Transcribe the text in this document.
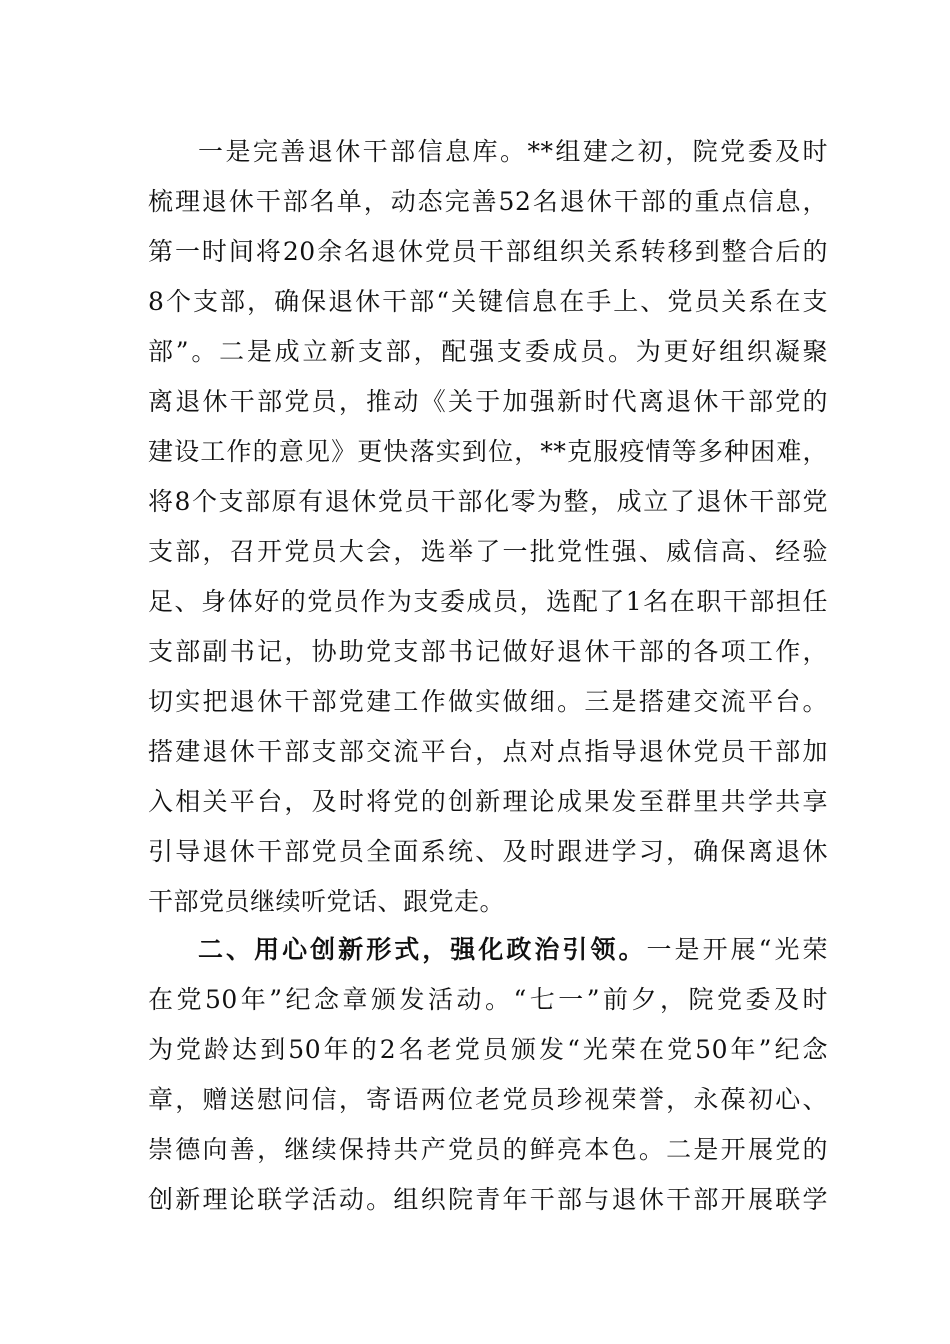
一是完善退休干部信息库。**组建之初，院党委及时
梳理退休干部名单，动态完善52名退休干部的重点信息，
第一时间将20余名退休党员干部组织关系转移到整合后的
8个支部，确保退休干部“关键信息在手上、党员关系在支
部”。二是成立新支部，配强支委成员。为更好组织凝聚
离退休干部党员，推动《关于加强新时代离退休干部党的
建设工作的意见》更快落实到位，**克服疫情等多种困难，
将8个支部原有退休党员干部化零为整，成立了退休干部党
支部，召开党员大会，选举了一批党性强、威信高、经验
足、身体好的党员作为支委成员，选配了1名在职干部担任
支部副书记，协助党支部书记做好退休干部的各项工作，
切实把退休干部党建工作做实做细。三是搭建交流平台。
搭建退休干部支部交流平台，点对点指导退休党员干部加
入相关平台，及时将党的创新理论成果发至群里共学共享
引导退休干部党员全面系统、及时跟进学习，确保离退休
干部党员继续听党话、跟党走。
二、用心创新形式，强化政治引领。一是开展“光荣
在党50年”纪念章颁发活动。“七一”前夕，院党委及时
为党龄达到50年的2名老党员颁发“光荣在党50年”纪念
章，赠送慰问信，寄语两位老党员珍视荣誉，永葆初心、
崇德向善，继续保持共产党员的鲜亮本色。二是开展党的
创新理论联学活动。组织院青年干部与退休干部开展联学
